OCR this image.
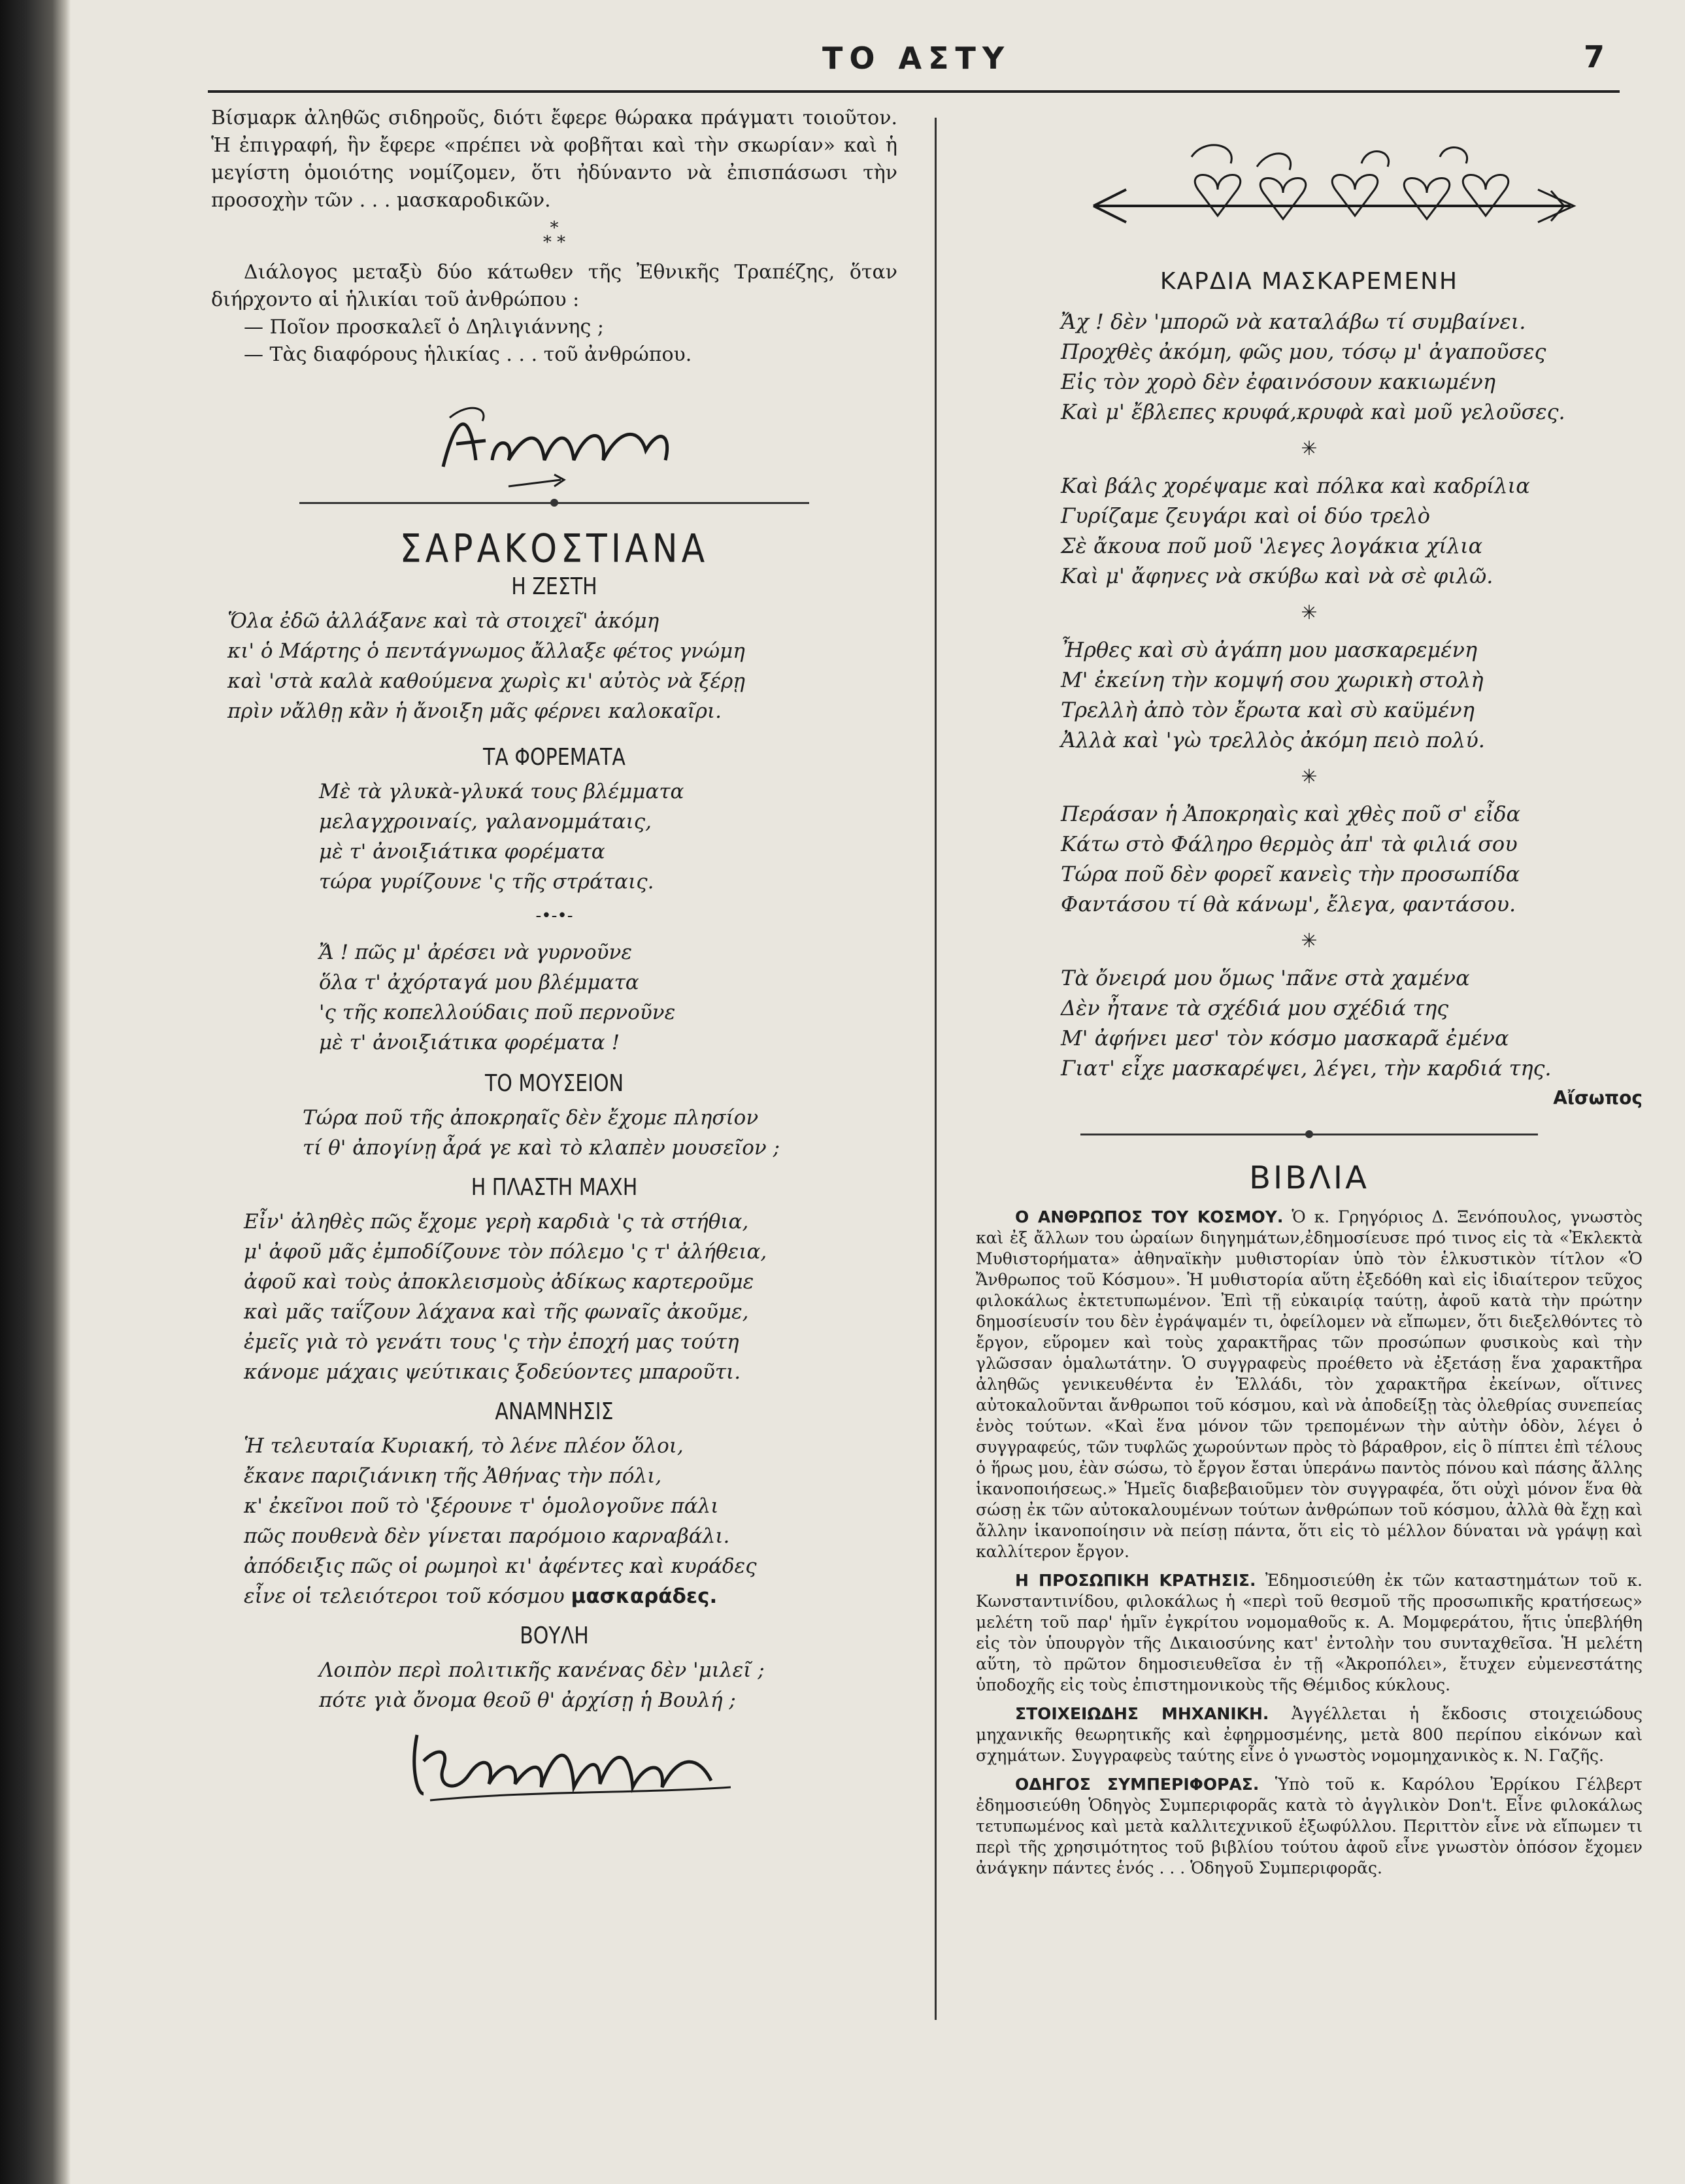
ΤΟ ΑΣΤΥ	7

Βίσμαρκ ἀληθῶς σιδηροῦς, διότι ἔφερε θώρακα πράγματι τοιοῦτον. Ἡ ἐπιγραφή, ἣν ἔφερε «πρέπει νὰ φοβῆται καὶ τὴν σκωρίαν» καὶ ἡ μεγίστη ὁμοιότης νομίζομεν, ὅτι ἠδύναντο νὰ ἐπισπάσωσι τὴν προσοχὴν τῶν . . . μασκαροδικῶν.

*
* *

Διάλογος μεταξὺ δύο κάτωθεν τῆς Ἐθνικῆς Τραπέζης, ὅταν διήρχοντο αἱ ἡλικίαι τοῦ ἀνθρώπου :

— Ποῖον προσκαλεῖ ὁ Δηλιγιάννης ;

— Τὰς διαφόρους ἡλικίας . . . τοῦ ἀνθρώπου.

ΣΑΡΑΚΟΣΤΙΑΝΑ
Η ΖΕΣΤΗ

Ὅλα ἐδῶ ἀλλάξανε καὶ τὰ στοιχεῖ' ἀκόμη

κι' ὁ Μάρτης ὁ πεντάγνωμος ἄλλαξε φέτος γνώμη

καὶ 'στὰ καλὰ καθούμενα χωρὶς κι' αὐτὸς νὰ ξέρῃ

πρὶν νἄλθῃ κἂν ἡ ἄνοιξη μᾶς φέρνει καλοκαῖρι.

ΤΑ ΦΟΡΕΜΑΤΑ

Μὲ τὰ γλυκὰ-γλυκά τους βλέμματα

μελαγχροιναίς, γαλανομμάταις,

μὲ τ' ἀνοιξιάτικα φορέματα

τώρα γυρίζουνε 'ς τῆς στράταις.

-•-•-

Ἄ ! πῶς μ' ἀρέσει νὰ γυρνοῦνε

ὅλα τ' ἀχόρταγά μου βλέμματα

'ς τῆς κοπελλούδαις ποῦ περνοῦνε

μὲ τ' ἀνοιξιάτικα φορέματα !

ΤΟ ΜΟΥΣΕΙΟΝ

Τώρα ποῦ τῆς ἀποκρηαῖς δὲν ἔχομε πλησίον

τί θ' ἀπογίνῃ ἆρά γε καὶ τὸ κλαπὲν μουσεῖον ;

Η ΠΛΑΣΤΗ ΜΑΧΗ

Εἶν' ἀληθὲς πῶς ἔχομε γερὴ καρδιὰ 'ς τὰ στήθια,

μ' ἀφοῦ μᾶς ἐμποδίζουνε τὸν πόλεμο 'ς τ' ἀλήθεια,

ἀφοῦ καὶ τοὺς ἀποκλεισμοὺς ἀδίκως καρτεροῦμε

καὶ μᾶς ταΐζουν λάχανα καὶ τῆς φωναῖς ἀκοῦμε,

ἐμεῖς γιὰ τὸ γενάτι τους 'ς τὴν ἐποχή μας τούτη

κάνομε μάχαις ψεύτικαις ξοδεύοντες μπαροῦτι.

ΑΝΑΜΝΗΣΙΣ

Ἡ τελευταία Κυριακή, τὸ λένε πλέον ὅλοι,

ἔκανε παριζιάνικη τῆς Ἀθήνας τὴν πόλι,

κ' ἐκεῖνοι ποῦ τὸ 'ξέρουνε τ' ὁμολογοῦνε πάλι

πῶς πουθενὰ δὲν γίνεται παρόμοιο καρναβάλι.

ἀπόδειξις πῶς οἱ ρωμηοὶ κι' ἀφέντες καὶ κυράδες

εἶνε οἱ τελειότεροι τοῦ κόσμου μασκαράδες.

ΒΟΥΛΗ

Λοιπὸν περὶ πολιτικῆς κανένας δὲν 'μιλεῖ ;

πότε γιὰ ὄνομα θεοῦ θ' ἀρχίσῃ ἡ Βουλή ;

ΚΑΡΔΙΑ ΜΑΣΚΑΡΕΜΕΝΗ

Ἄχ ! δὲν 'μπορῶ νὰ καταλάβω τί συμβαίνει.

Προχθὲς ἀκόμη, φῶς μου, τόσῳ μ' ἀγαποῦσες

Εἰς τὸν χορὸ δὲν ἐφαινόσουν κακιωμένη

Καὶ μ' ἔβλεπες κρυφά,κρυφὰ καὶ μοῦ γελοῦσες.

✳

Καὶ βάλς χορέψαμε καὶ πόλκα καὶ καδρίλια

Γυρίζαμε ζευγάρι καὶ οἱ δύο τρελὸ

Σὲ ἄκουα ποῦ μοῦ 'λεγες λογάκια χίλια

Καὶ μ' ἄφηνες νὰ σκύβω καὶ νὰ σὲ φιλῶ.

✳

Ἦρθες καὶ σὺ ἀγάπη μου μασκαρεμένη

Μ' ἐκείνη τὴν κομψή σου χωρικὴ στολὴ

Τρελλὴ ἀπὸ τὸν ἔρωτα καὶ σὺ καϋμένη

Ἀλλὰ καὶ 'γὼ τρελλὸς ἀκόμη πειὸ πολύ.

✳

Περάσαν ἡ Ἀποκρηαὶς καὶ χθὲς ποῦ σ' εἶδα

Κάτω στὸ Φάληρο θερμὸς ἀπ' τὰ φιλιά σου

Τώρα ποῦ δὲν φορεῖ κανεὶς τὴν προσωπίδα

Φαντάσου τί θὰ κάνωμ', ἔλεγα, φαντάσου.

✳

Τὰ ὄνειρά μου ὅμως 'πᾶνε στὰ χαμένα

Δὲν ἦτανε τὰ σχέδιά μου σχέδιά της

Μ' ἀφήνει μεσ' τὸν κόσμο μασκαρᾶ ἐμένα

Γιατ' εἶχε μασκαρέψει, λέγει, τὴν καρδιά της.

Αἴσωπος
ΒΙΒΛΙΑ

Ο ΑΝΘΡΩΠΟΣ ΤΟΥ ΚΟΣΜΟΥ. Ὁ κ. Γρηγόριος Δ. Ξενόπουλος, γνωστὸς καὶ ἐξ ἄλλων του ὡραίων διηγημάτων,ἐδημοσίευσε πρό τινος εἰς τὰ «Ἐκλεκτὰ Μυθιστορήματα» ἀθηναϊκὴν μυθιστορίαν ὑπὸ τὸν ἑλκυστικὸν τίτλον «Ὁ Ἄνθρωπος τοῦ Κόσμου». Ἡ μυθιστορία αὕτη ἐξεδόθη καὶ εἰς ἰδιαίτερον τεῦχος φιλοκάλως ἐκτετυπωμένον. Ἐπὶ τῇ εὐκαιρίᾳ ταύτῃ, ἀφοῦ κατὰ τὴν πρώτην δημοσίευσίν του δὲν ἐγράψαμέν τι, ὀφείλομεν νὰ εἴπωμεν, ὅτι διεξελθόντες τὸ ἔργον, εὕρομεν καὶ τοὺς χαρακτῆρας τῶν προσώπων φυσικοὺς καὶ τὴν γλῶσσαν ὁμαλωτάτην. Ὁ συγγραφεὺς προέθετο νὰ ἐξετάσῃ ἕνα χαρακτῆρα ἀληθῶς γενικευθέντα ἐν Ἑλλάδι, τὸν χαρακτῆρα ἐκείνων, οἵτινες αὐτοκαλοῦνται ἄνθρωποι τοῦ κόσμου, καὶ νὰ ἀποδείξῃ τὰς ὀλεθρίας συνεπείας ἑνὸς τούτων. «Καὶ ἕνα μόνον τῶν τρεπομένων τὴν αὐτὴν ὁδὸν, λέγει ὁ συγγραφεύς, τῶν τυφλῶς χωρούντων πρὸς τὸ βάραθρον, εἰς ὃ πίπτει ἐπὶ τέλους ὁ ἥρως μου, ἐὰν σώσω, τὸ ἔργον ἔσται ὑπεράνω παντὸς πόνου καὶ πάσης ἄλλης ἱκανοποιήσεως.» Ἡμεῖς διαβεβαιοῦμεν τὸν συγγραφέα, ὅτι οὐχὶ μόνον ἕνα θὰ σώσῃ ἐκ τῶν αὐτοκαλουμένων τούτων ἀνθρώπων τοῦ κόσμου, ἀλλὰ θὰ ἔχῃ καὶ ἄλλην ἱκανοποίησιν νὰ πείσῃ πάντα, ὅτι εἰς τὸ μέλλον δύναται νὰ γράψῃ καὶ καλλίτερον ἔργον.

Η ΠΡΟΣΩΠΙΚΗ ΚΡΑΤΗΣΙΣ. Ἐδημοσιεύθη ἐκ τῶν καταστημάτων τοῦ κ. Κωνσταντινίδου, φιλοκάλως ἡ «περὶ τοῦ θεσμοῦ τῆς προσωπικῆς κρατήσεως» μελέτη τοῦ παρ' ἡμῖν ἐγκρίτου νομομαθοῦς κ. Α. Μομφεράτου, ἥτις ὑπεβλήθη εἰς τὸν ὑπουργὸν τῆς Δικαιοσύνης κατ' ἐντολὴν του συνταχθεῖσα. Ἡ μελέτη αὕτη, τὸ πρῶτον δημοσιευθεῖσα ἐν τῇ «Ἀκροπόλει», ἔτυχεν εὐμενεστάτης ὑποδοχῆς εἰς τοὺς ἐπιστημονικοὺς τῆς Θέμιδος κύκλους.

ΣΤΟΙΧΕΙΩΔΗΣ ΜΗΧΑΝΙΚΗ. Ἀγγέλλεται ἡ ἔκδοσις στοιχειώδους μηχανικῆς θεωρητικῆς καὶ ἐφηρμοσμένης, μετὰ 800 περίπου εἰκόνων καὶ σχημάτων. Συγγραφεὺς ταύτης εἶνε ὁ γνωστὸς νομομηχανικὸς κ. Ν. Γαζῆς.

ΟΔΗΓΟΣ ΣΥΜΠΕΡΙΦΟΡΑΣ. Ὑπὸ τοῦ κ. Καρόλου Ἐρρίκου Γέλβερτ ἐδημοσιεύθη Ὁδηγὸς Συμπεριφορᾶς κατὰ τὸ ἀγγλικὸν Don't. Εἶνε φιλοκάλως τετυπωμένος καὶ μετὰ καλλιτεχνικοῦ ἐξωφύλλου. Περιττὸν εἶνε νὰ εἴπωμεν τι περὶ τῆς χρησιμότητος τοῦ βιβλίου τούτου ἀφοῦ εἶνε γνωστὸν ὁπόσον ἔχομεν ἀνάγκην πάντες ἑνός . . . Ὁδηγοῦ Συμπεριφορᾶς.
